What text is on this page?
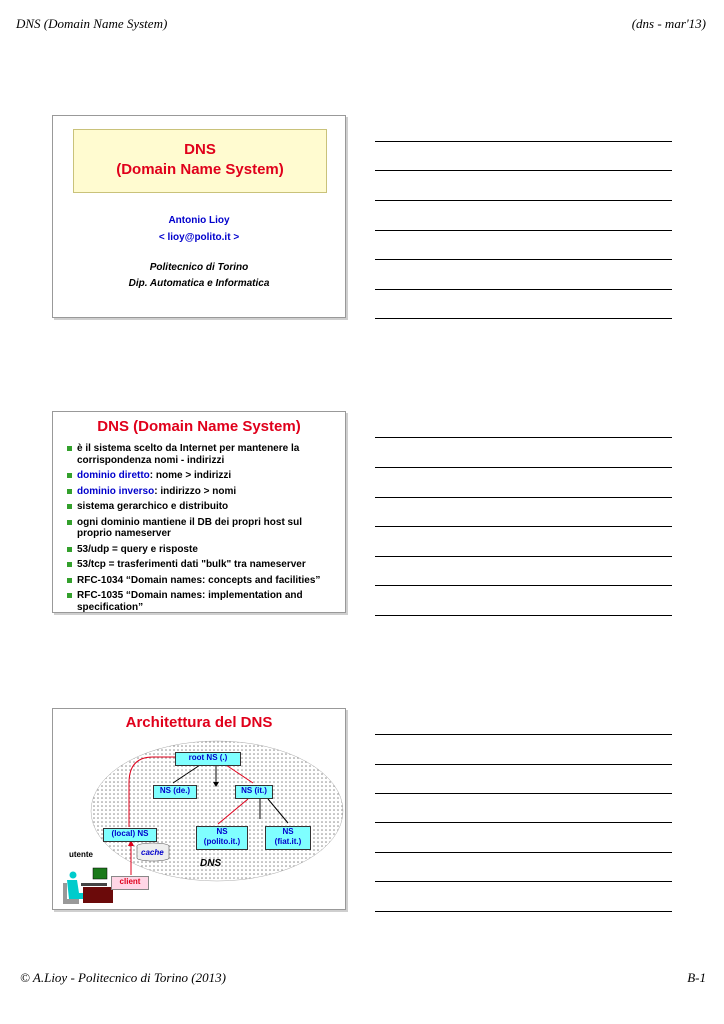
DNS (Domain Name System)	(dns - mar'13)
DNS
(Domain Name System)
Antonio Lioy
< lioy@polito.it >
Politecnico di Torino
Dip. Automatica e Informatica
DNS (Domain Name System)
è il sistema scelto da Internet per mantenere la corrispondenza nomi - indirizzi
dominio diretto: nome > indirizzi
dominio inverso: indirizzo > nomi
sistema gerarchico e distribuito
ogni dominio mantiene il DB dei propri host sul proprio nameserver
53/udp = query e risposte
53/tcp = trasferimenti dati "bulk" tra nameserver
RFC-1034 “Domain names: concepts and facilities”
RFC-1035 “Domain names: implementation and specification”
Architettura del DNS
root NS (.)
NS (de.)	NS (it.)
NS
(polito.it.)
NS
(fiat.it.)
(local) NS
cache
client
DNS
utente
© A.Lioy - Politecnico di Torino (2013)	B-1
